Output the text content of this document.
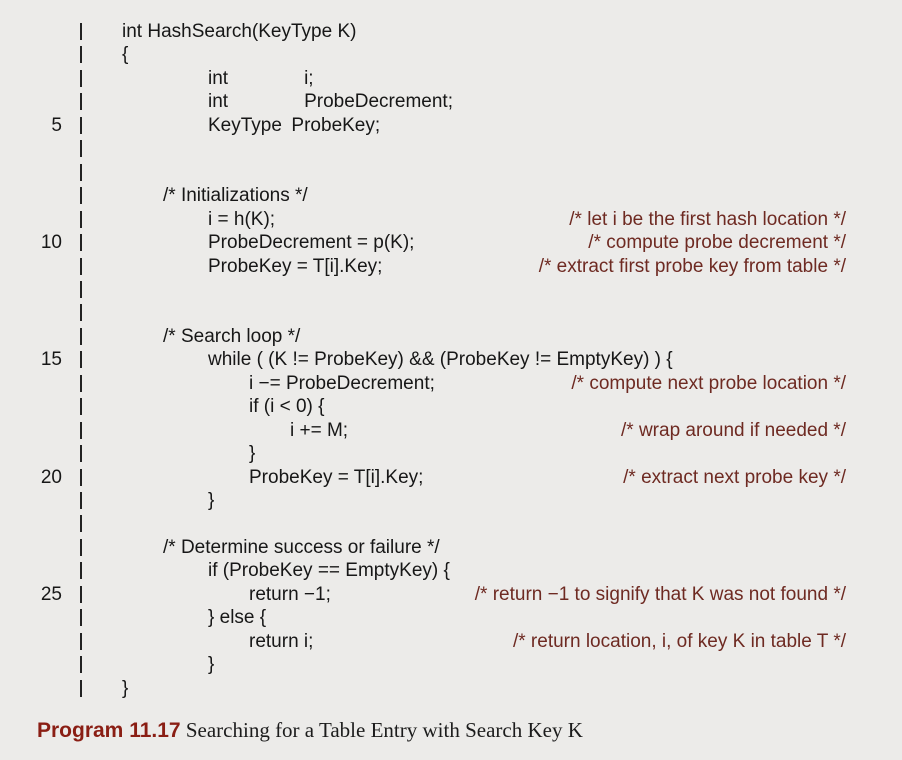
int HashSearch(KeyType K)
{
int    i;
int    ProbeDecrement;
5	KeyType ProbeKey;
/* Initializations */
i = h(K);	/* let i be the first hash location */
10	ProbeDecrement = p(K);	/* compute probe decrement */
ProbeKey = T[i].Key;	/* extract first probe key from table */
/* Search loop */
15	while ( (K != ProbeKey) && (ProbeKey != EmptyKey) ) {
i −= ProbeDecrement;	/* compute next probe location */
if (i < 0) {
i += M;	/* wrap around if needed */
}
20	ProbeKey = T[i].Key;	/* extract next probe key */
}
/* Determine success or failure */
if (ProbeKey == EmptyKey) {
25	return −1;	/* return −1 to signify that K was not found */
} else {
return i;	/* return location, i, of key K in table T */
}
}
Program 11.17 Searching for a Table Entry with Search Key K
